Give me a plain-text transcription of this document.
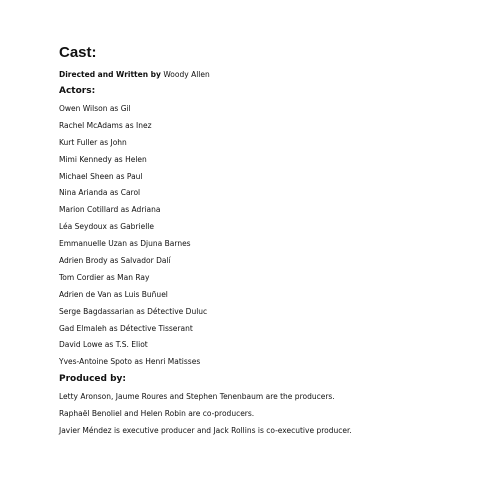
Cast:

Directed and Written by Woody Allen

Actors:
Owen Wilson as Gil
Rachel McAdams as Inez
Kurt Fuller as John
Mimi Kennedy as Helen
Michael Sheen as Paul
Nina Arianda as Carol
Marion Cotillard as Adriana
Léa Seydoux as Gabrielle
Emmanuelle Uzan as Djuna Barnes
Adrien Brody as Salvador Dalí
Tom Cordier as Man Ray
Adrien de Van as Luis Buñuel
Serge Bagdassarian as Détective Duluc
Gad Elmaleh as Détective Tisserant
David Lowe as T.S. Eliot
Yves-Antoine Spoto as Henri Matisses
Produced by:
Letty Aronson, Jaume Roures and Stephen Tenenbaum are the producers.
Raphaël Benoliel and Helen Robin are co-producers.
Javier Méndez is executive producer and Jack Rollins is co-executive producer.
